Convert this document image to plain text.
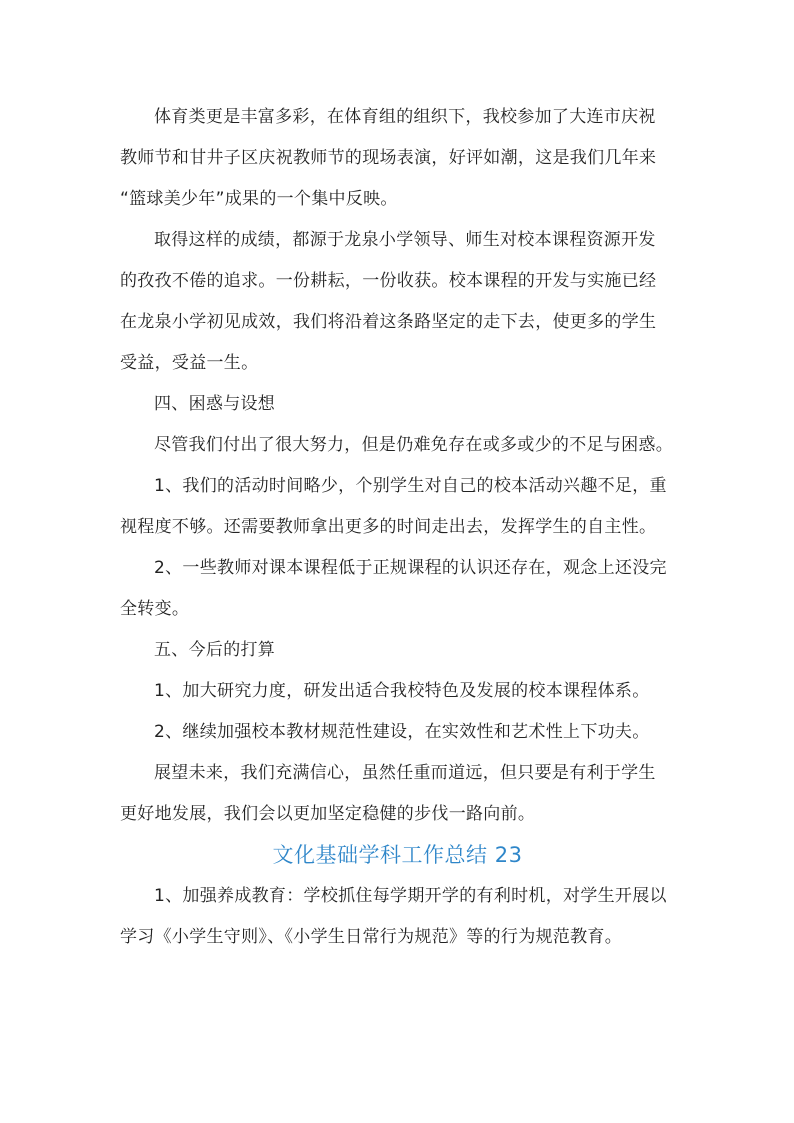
体育类更是丰富多彩，在体育组的组织下，我校参加了大连市庆祝
教师节和甘井子区庆祝教师节的现场表演，好评如潮，这是我们几年来
“篮球美少年”成果的一个集中反映。

取得这样的成绩，都源于龙泉小学领导、师生对校本课程资源开发
的孜孜不倦的追求。一份耕耘，一份收获。校本课程的开发与实施已经
在龙泉小学初见成效，我们将沿着这条路坚定的走下去，使更多的学生
受益，受益一生。

四、困惑与设想

尽管我们付出了很大努力，但是仍难免存在或多或少的不足与困惑。

1、我们的活动时间略少，个别学生对自己的校本活动兴趣不足，重
视程度不够。还需要教师拿出更多的时间走出去，发挥学生的自主性。

2、一些教师对课本课程低于正规课程的认识还存在，观念上还没完
全转变。

五、今后的打算

1、加大研究力度，研发出适合我校特色及发展的校本课程体系。

2、继续加强校本教材规范性建设，在实效性和艺术性上下功夫。

展望未来，我们充满信心，虽然任重而道远，但只要是有利于学生
更好地发展，我们会以更加坚定稳健的步伐一路向前。

文化基础学科工作总结 23

1、加强养成教育：学校抓住每学期开学的有利时机，对学生开展以
学习《小学生守则》、《小学生日常行为规范》等的行为规范教育。
